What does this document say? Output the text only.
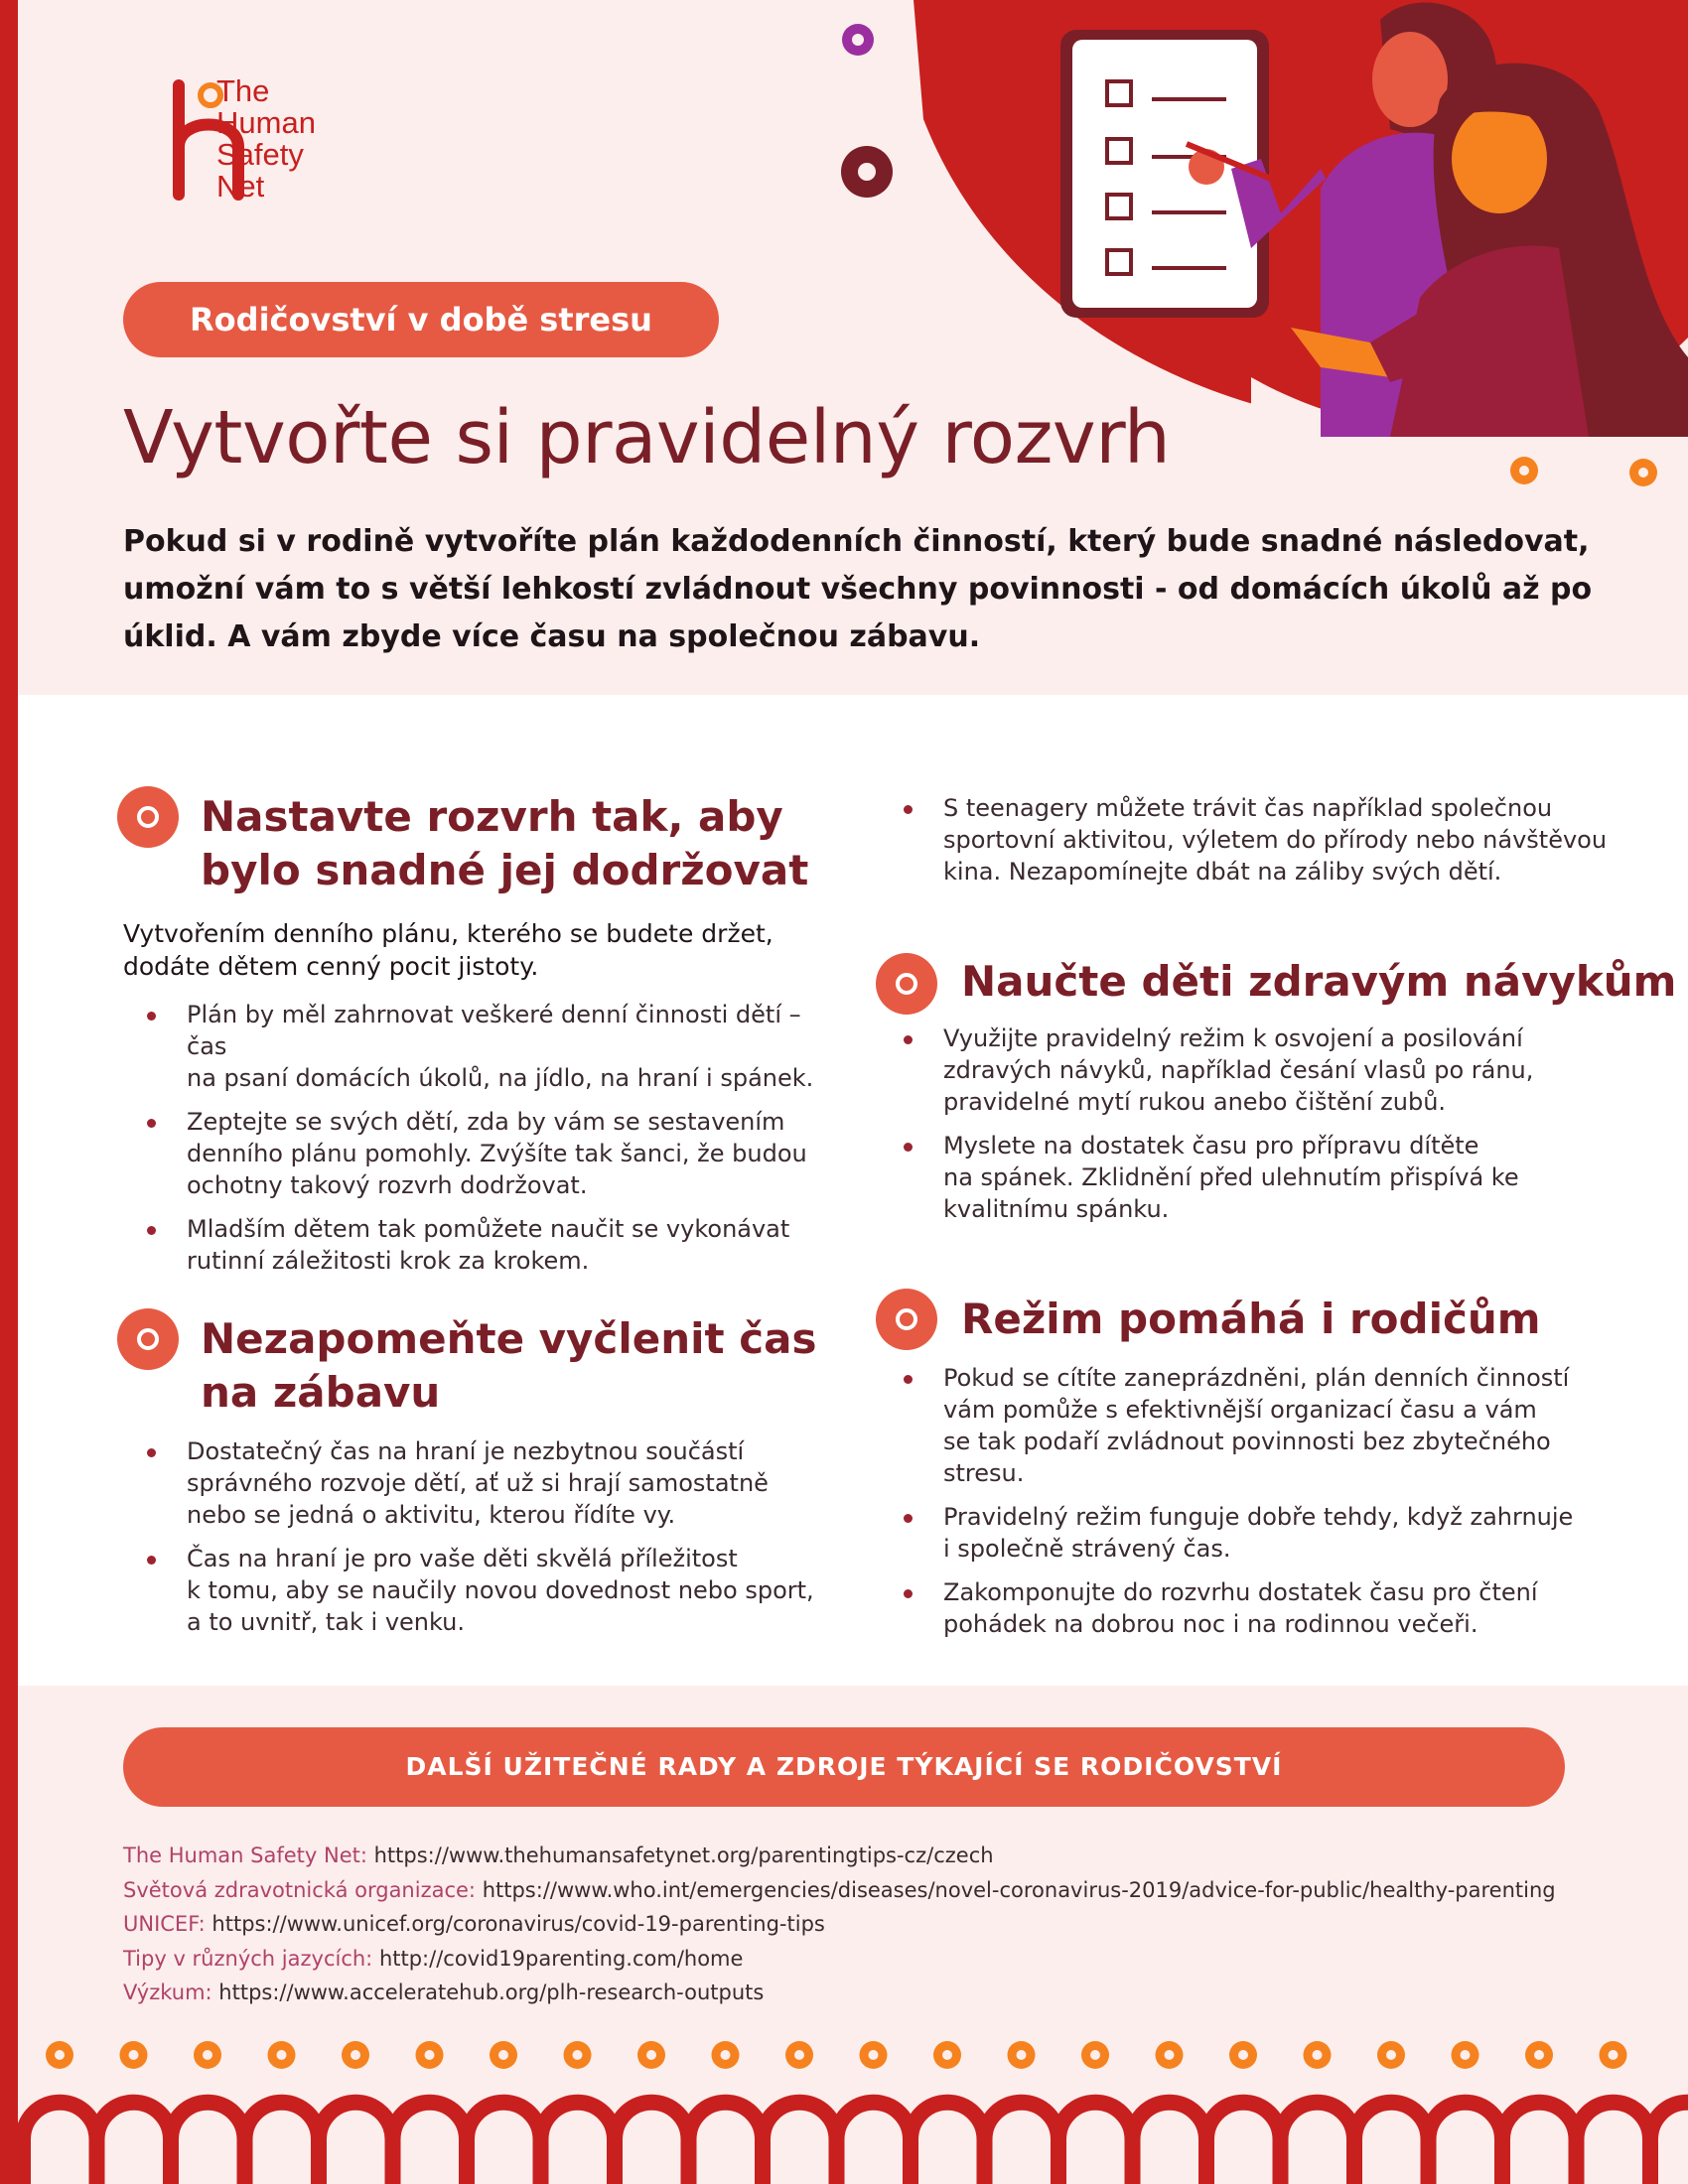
The
Human
Safety
Net
Rodičovství v době stresu
Vytvořte si pravidelný rozvrh
Pokud si v rodině vytvoříte plán každodenních činností, který bude snadné následovat,
umožní vám to s větší lehkostí zvládnout všechny povinnosti - od domácích úkolů až po
úklid. A vám zbyde více času na společnou zábavu.
Nastavte rozvrh tak, aby
bylo snadné jej dodržovat
Vytvořením denního plánu, kterého se budete držet,
dodáte dětem cenný pocit jistoty.
Plán by měl zahrnovat veškeré denní činnosti dětí – čas
na psaní domácích úkolů, na jídlo, na hraní i spánek.
Zeptejte se svých dětí, zda by vám se sestavením
denního plánu pomohly. Zvýšíte tak šanci, že budou
ochotny takový rozvrh dodržovat.
Mladším dětem tak pomůžete naučit se vykonávat
rutinní záležitosti krok za krokem.
Nezapomeňte vyčlenit čas
na zábavu
Dostatečný čas na hraní je nezbytnou součástí
správného rozvoje dětí, ať už si hrají samostatně
nebo se jedná o aktivitu, kterou řídíte vy.
Čas na hraní je pro vaše děti skvělá příležitost
k tomu, aby se naučily novou dovednost nebo sport,
a to uvnitř, tak i venku.
S teenagery můžete trávit čas například společnou
sportovní aktivitou, výletem do přírody nebo návštěvou
kina. Nezapomínejte dbát na záliby svých dětí.
Naučte děti zdravým návykům
Využijte pravidelný režim k osvojení a posilování
zdravých návyků, například česání vlasů po ránu,
pravidelné mytí rukou anebo čištění zubů.
Myslete na dostatek času pro přípravu dítěte
na spánek. Zklidnění před ulehnutím přispívá ke
kvalitnímu spánku.
Režim pomáhá i rodičům
Pokud se cítíte zaneprázdněni, plán denních činností
vám pomůže s efektivnější organizací času a vám
se tak podaří zvládnout povinnosti bez zbytečného
stresu.
Pravidelný režim funguje dobře tehdy, když zahrnuje
i společně strávený čas.
Zakomponujte do rozvrhu dostatek času pro čtení
pohádek na dobrou noc i na rodinnou večeři.
DALŠÍ UŽITEČNÉ RADY A ZDROJE TÝKAJÍCÍ SE RODIČOVSTVÍ
The Human Safety Net: https://www.thehumansafetynet.org/parentingtips-cz/czech
Světová zdravotnická organizace: https://www.who.int/emergencies/diseases/novel-coronavirus-2019/advice-for-public/healthy-parenting
UNICEF: https://www.unicef.org/coronavirus/covid-19-parenting-tips
Tipy v různých jazycích: http://covid19parenting.com/home
Výzkum: https://www.acceleratehub.org/plh-research-outputs
